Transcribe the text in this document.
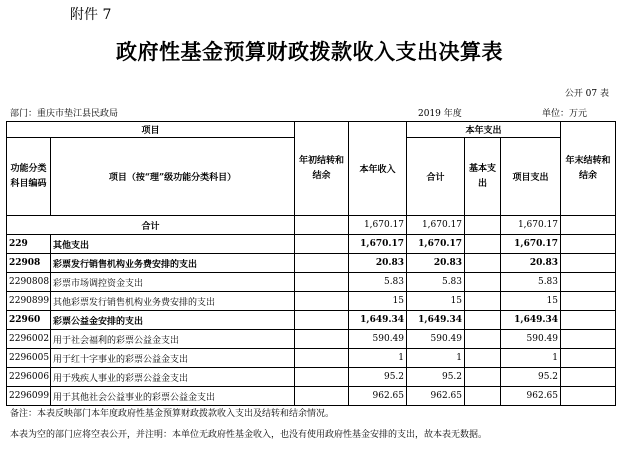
附件 7
政府性基金预算财政拨款收入支出决算表
公开 07 表
部门：重庆市垫江县民政局	2019 年度	单位：万元
项目		年初结转和结余	本年收入	本年支出			年末结转和结余
功能分类科目编码	项目（按“理”级功能分类科目）			合计	基本支出	项目支出	
合计			1,670.17	1,670.17		1,670.17	
229	其他支出		1,670.17	1,670.17		1,670.17	
22908	彩票发行销售机构业务费安排的支出		20.83	20.83		20.83	
2290808	彩票市场调控资金支出		5.83	5.83		5.83	
2290899	其他彩票发行销售机构业务费安排的支出		15	15		15	
22960	彩票公益金安排的支出		1,649.34	1,649.34		1,649.34	
2296002	用于社会福利的彩票公益金支出		590.49	590.49		590.49	
2296005	用于红十字事业的彩票公益金支出		1	1		1	
2296006	用于残疾人事业的彩票公益金支出		95.2	95.2		95.2	
2296099	用于其他社会公益事业的彩票公益金支出		962.65	962.65		962.65	
备注：本表反映部门本年度政府性基金预算财政拨款收入支出及结转和结余情况。
本表为空的部门应将空表公开，并注明：本单位无政府性基金收入，也没有使用政府性基金安排的支出，故本表无数据。
